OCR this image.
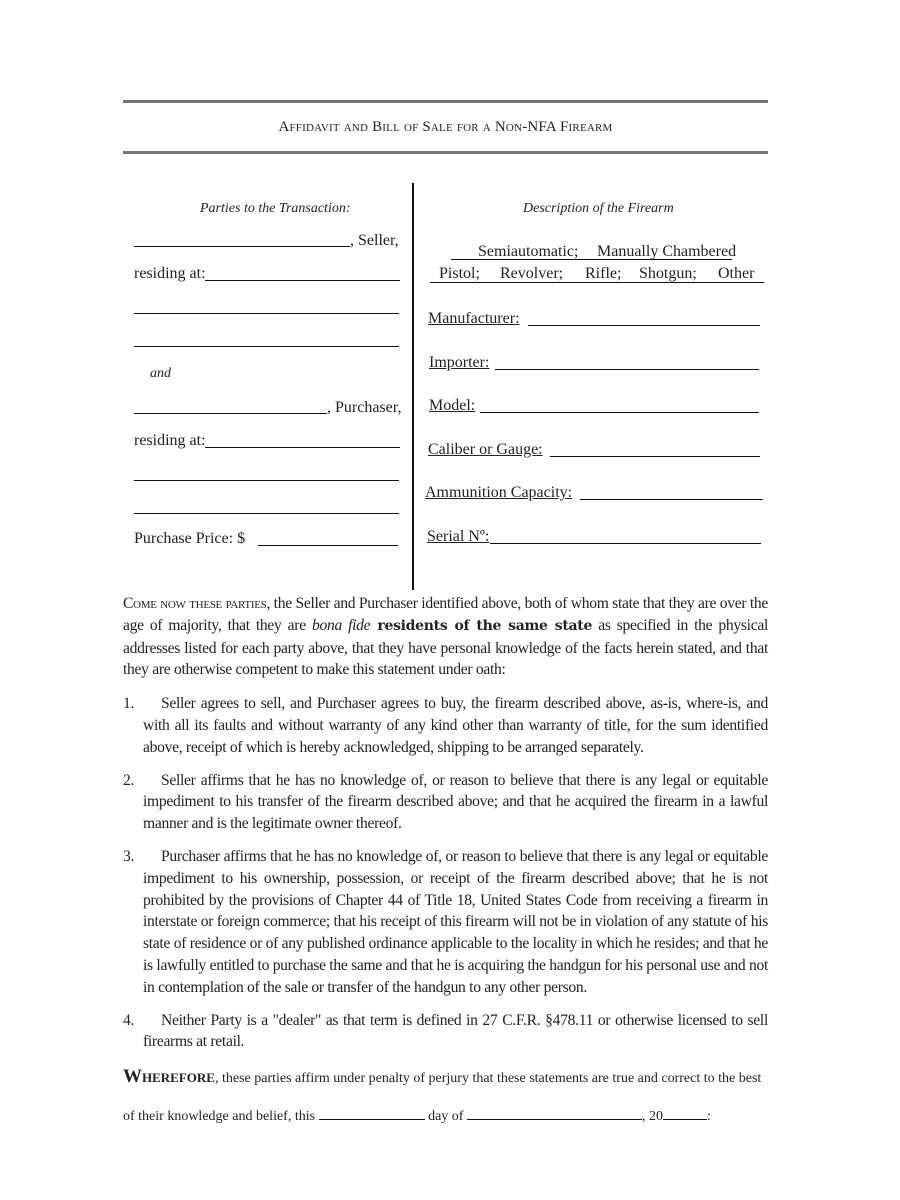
Affidavit and Bill of Sale for a Non-NFA Firearm
Parties to the Transaction:
, Seller,
residing at:
and
, Purchaser,
residing at:
Purchase Price: $
Description of the Firearm
Semiautomatic; Manually Chambered
Pistol; Revolver; Rifle; Shotgun; Other
Manufacturer:
Importer:
Model:
Caliber or Gauge:
Ammunition Capacity:
Serial Nº:
Come now these parties, the Seller and Purchaser identified above, both of whom state that they are over the age of majority, that they are bona fide residents of the same state as specified in the physical addresses listed for each party above, that they have personal knowledge of the facts herein stated, and that they are otherwise competent to make this statement under oath:
1.	Seller agrees to sell, and Purchaser agrees to buy, the firearm described above, as-is, where-is, and with all its faults and without warranty of any kind other than warranty of title, for the sum identified above, receipt of which is hereby acknowledged, shipping to be arranged separately.
2.	Seller affirms that he has no knowledge of, or reason to believe that there is any legal or equitable impediment to his transfer of the firearm described above; and that he acquired the firearm in a lawful manner and is the legitimate owner thereof.
3.	Purchaser affirms that he has no knowledge of, or reason to believe that there is any legal or equitable impediment to his ownership, possession, or receipt of the firearm described above; that he is not prohibited by the provisions of Chapter 44 of Title 18, United States Code from receiving a firearm in interstate or foreign commerce; that his receipt of this firearm will not be in violation of any statute of his state of residence or of any published ordinance applicable to the locality in which he resides; and that he is lawfully entitled to purchase the same and that he is acquiring the handgun for his personal use and not in contemplation of the sale or transfer of the handgun to any other person.
4.	Neither Party is a "dealer" as that term is defined in 27 C.F.R. §478.11 or otherwise licensed to sell firearms at retail.
Wherefore, these parties affirm under penalty of perjury that these statements are true and correct to the best
of their knowledge and belief, this	day of	, 20	:
